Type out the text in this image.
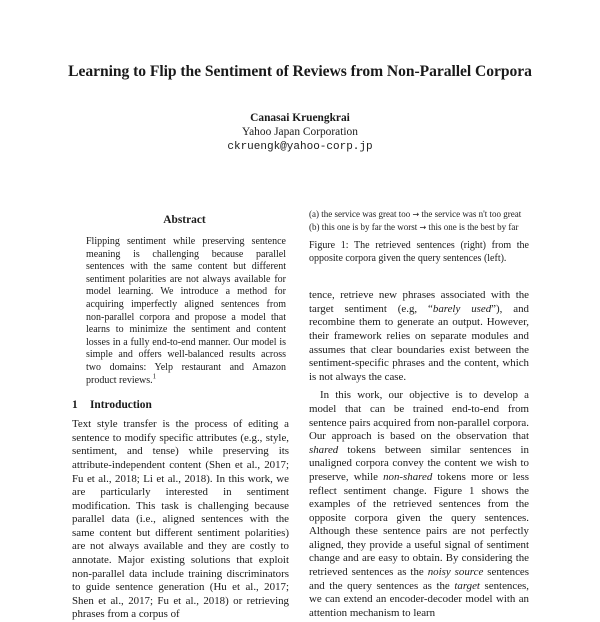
Learning to Flip the Sentiment of Reviews from Non-Parallel Corpora
Canasai Kruengkrai
Yahoo Japan Corporation
ckruengk@yahoo-corp.jp
Abstract

Flipping sentiment while preserving sentence meaning is challenging because parallel sentences with the same content but different sentiment polarities are not always available for model learning. We introduce a method for acquiring imperfectly aligned sentences from non-parallel corpora and propose a model that learns to minimize the sentiment and content losses in a fully end-to-end manner. Our model is simple and offers well-balanced results across two domains: Yelp restaurant and Amazon product reviews.$^1$

1 Introduction

Text style transfer is the process of editing a sentence to modify specific attributes (e.g., style, sentiment, and tense) while preserving its attribute-independent content (Shen et al., 2017; Fu et al., 2018; Li et al., 2018). In this work, we are particularly interested in sentiment modification. This task is challenging because parallel data (i.e., aligned sentences with the same content but different sentiment polarities) are not always available and they are costly to annotate. Major existing solutions that exploit non-parallel data include training discriminators to guide sentence generation (Hu et al., 2017; Shen et al., 2017; Fu et al., 2018) or retrieving phrases from a corpus of

(a) the service was great too → the service was n't too great

(b) this one is by far the worst → this one is the best by far

Figure 1: The retrieved sentences (right) from the opposite corpora given the query sentences (left).

tence, retrieve new phrases associated with the target sentiment (e.g, “barely used”), and recombine them to generate an output. However, their framework relies on separate modules and assumes that clear boundaries exist between the sentiment-specific phrases and the content, which is not always the case.

In this work, our objective is to develop a model that can be trained end-to-end from sentence pairs acquired from non-parallel corpora. Our approach is based on the observation that shared tokens between similar sentences in unaligned corpora convey the content we wish to preserve, while non-shared tokens more or less reflect sentiment change. Figure 1 shows the examples of the retrieved sentences from the opposite corpora given the query sentences. Although these sentence pairs are not perfectly aligned, they provide a useful signal of sentiment change and are easy to obtain. By considering the retrieved sentences as the noisy source sentences and the query sentences as the target sentences, we can extend an encoder-decoder model with an attention mechanism to learn
